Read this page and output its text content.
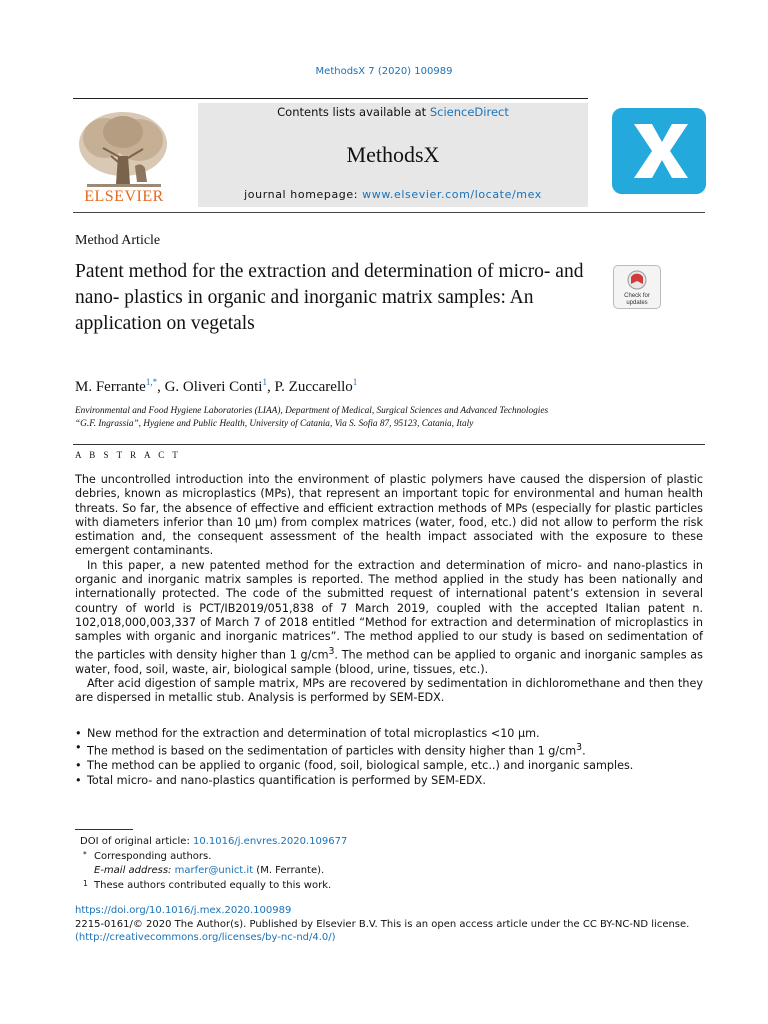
MethodsX 7 (2020) 100989
Contents lists available at ScienceDirect
MethodsX
journal homepage: www.elsevier.com/locate/mex
ELSEVIER
Method Article
Patent method for the extraction and determination of micro- and nano- plastics in organic and inorganic matrix samples: An application on vegetals
Check for
updates
M. Ferrante$^{1,*}$, G. Oliveri Conti$^1$, P. Zuccarello$^1$
Environmental and Food Hygiene Laboratories (LIAA), Department of Medical, Surgical Sciences and Advanced Technologies
“G.F. Ingrassia”, Hygiene and Public Health, University of Catania, Via S. Sofia 87, 95123, Catania, Italy
A B S T R A C T

The uncontrolled introduction into the environment of plastic polymers have caused the dispersion of plastic debries, known as microplastics (MPs), that represent an important topic for environmental and human health threats. So far, the absence of effective and efficient extraction methods of MPs (especially for plastic particles with diameters inferior than 10 µm) from complex matrices (water, food, etc.) did not allow to perform the risk estimation and, the consequent assessment of the health impact associated with the exposure to these emergent contaminants.

In this paper, a new patented method for the extraction and determination of micro- and nano-plastics in organic and inorganic matrix samples is reported. The method applied in the study has been nationally and internationally protected. The code of the submitted request of international patent’s extension in several country of world is PCT/IB2019/051,838 of 7 March 2019, coupled with the accepted Italian patent n. 102,018,000,003,337 of March 7 of 2018 entitled “Method for extraction and determination of microplastics in samples with organic and inorganic matrices”. The method applied to our study is based on sedimentation of the particles with density higher than 1 $g/cm^3$. The method can be applied to organic and inorganic samples as water, food, soil, waste, air, biological sample (blood, urine, tissues, etc.).

After acid digestion of sample matrix, MPs are recovered by sedimentation in dichloromethane and then they are dispersed in metallic stub. Analysis is performed by SEM-EDX.

• New method for the extraction and determination of total microplastics <10 µm.
• The method is based on the sedimentation of particles with density higher than 1 $g/cm^3$.
• The method can be applied to organic (food, soil, biological sample, etc..) and inorganic samples.
• Total micro- and nano-plastics quantification is performed by SEM-EDX.
DOI of original article: 10.1016/j.envres.2020.109677
* Corresponding authors.
E-mail address: marfer@unict.it (M. Ferrante).
1 These authors contributed equally to this work.
https://doi.org/10.1016/j.mex.2020.100989
2215-0161/© 2020 The Author(s). Published by Elsevier B.V. This is an open access article under the CC BY-NC-ND license.
(http://creativecommons.org/licenses/by-nc-nd/4.0/)
